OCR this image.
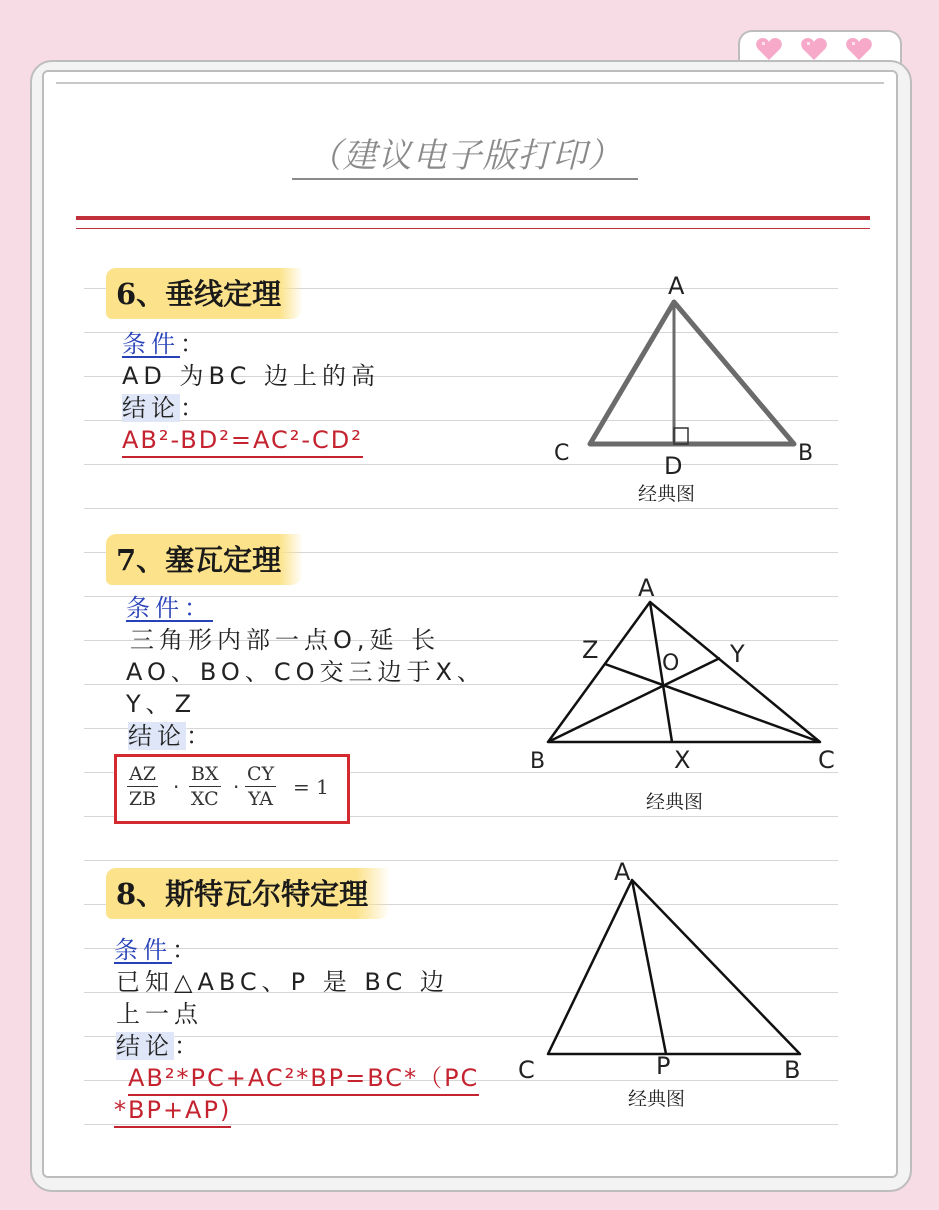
（建议电子版打印）
6、垂线定理
条件：
AD 为BC 边上的高
结论：
AB²-BD²=AC²-CD²
A
C	D	B
经典图
7、塞瓦定理
条件：
三角形内部一点O,延 长
AO、BO、CO交三边于X、
Y、Z
结论：
$\frac{AZ}{ZB} \cdot \frac{BX}{XC} \cdot \frac{CY}{YA} = 1$
A
Z	Y
O
B	X	C
经典图
8、斯特瓦尔特定理
条件：
已知△ABC、P 是 BC 边
上一点
结论：
AB²*PC+AC²*BP=BC*（PC
*BP+AP)
A
C	P	B
经典图
